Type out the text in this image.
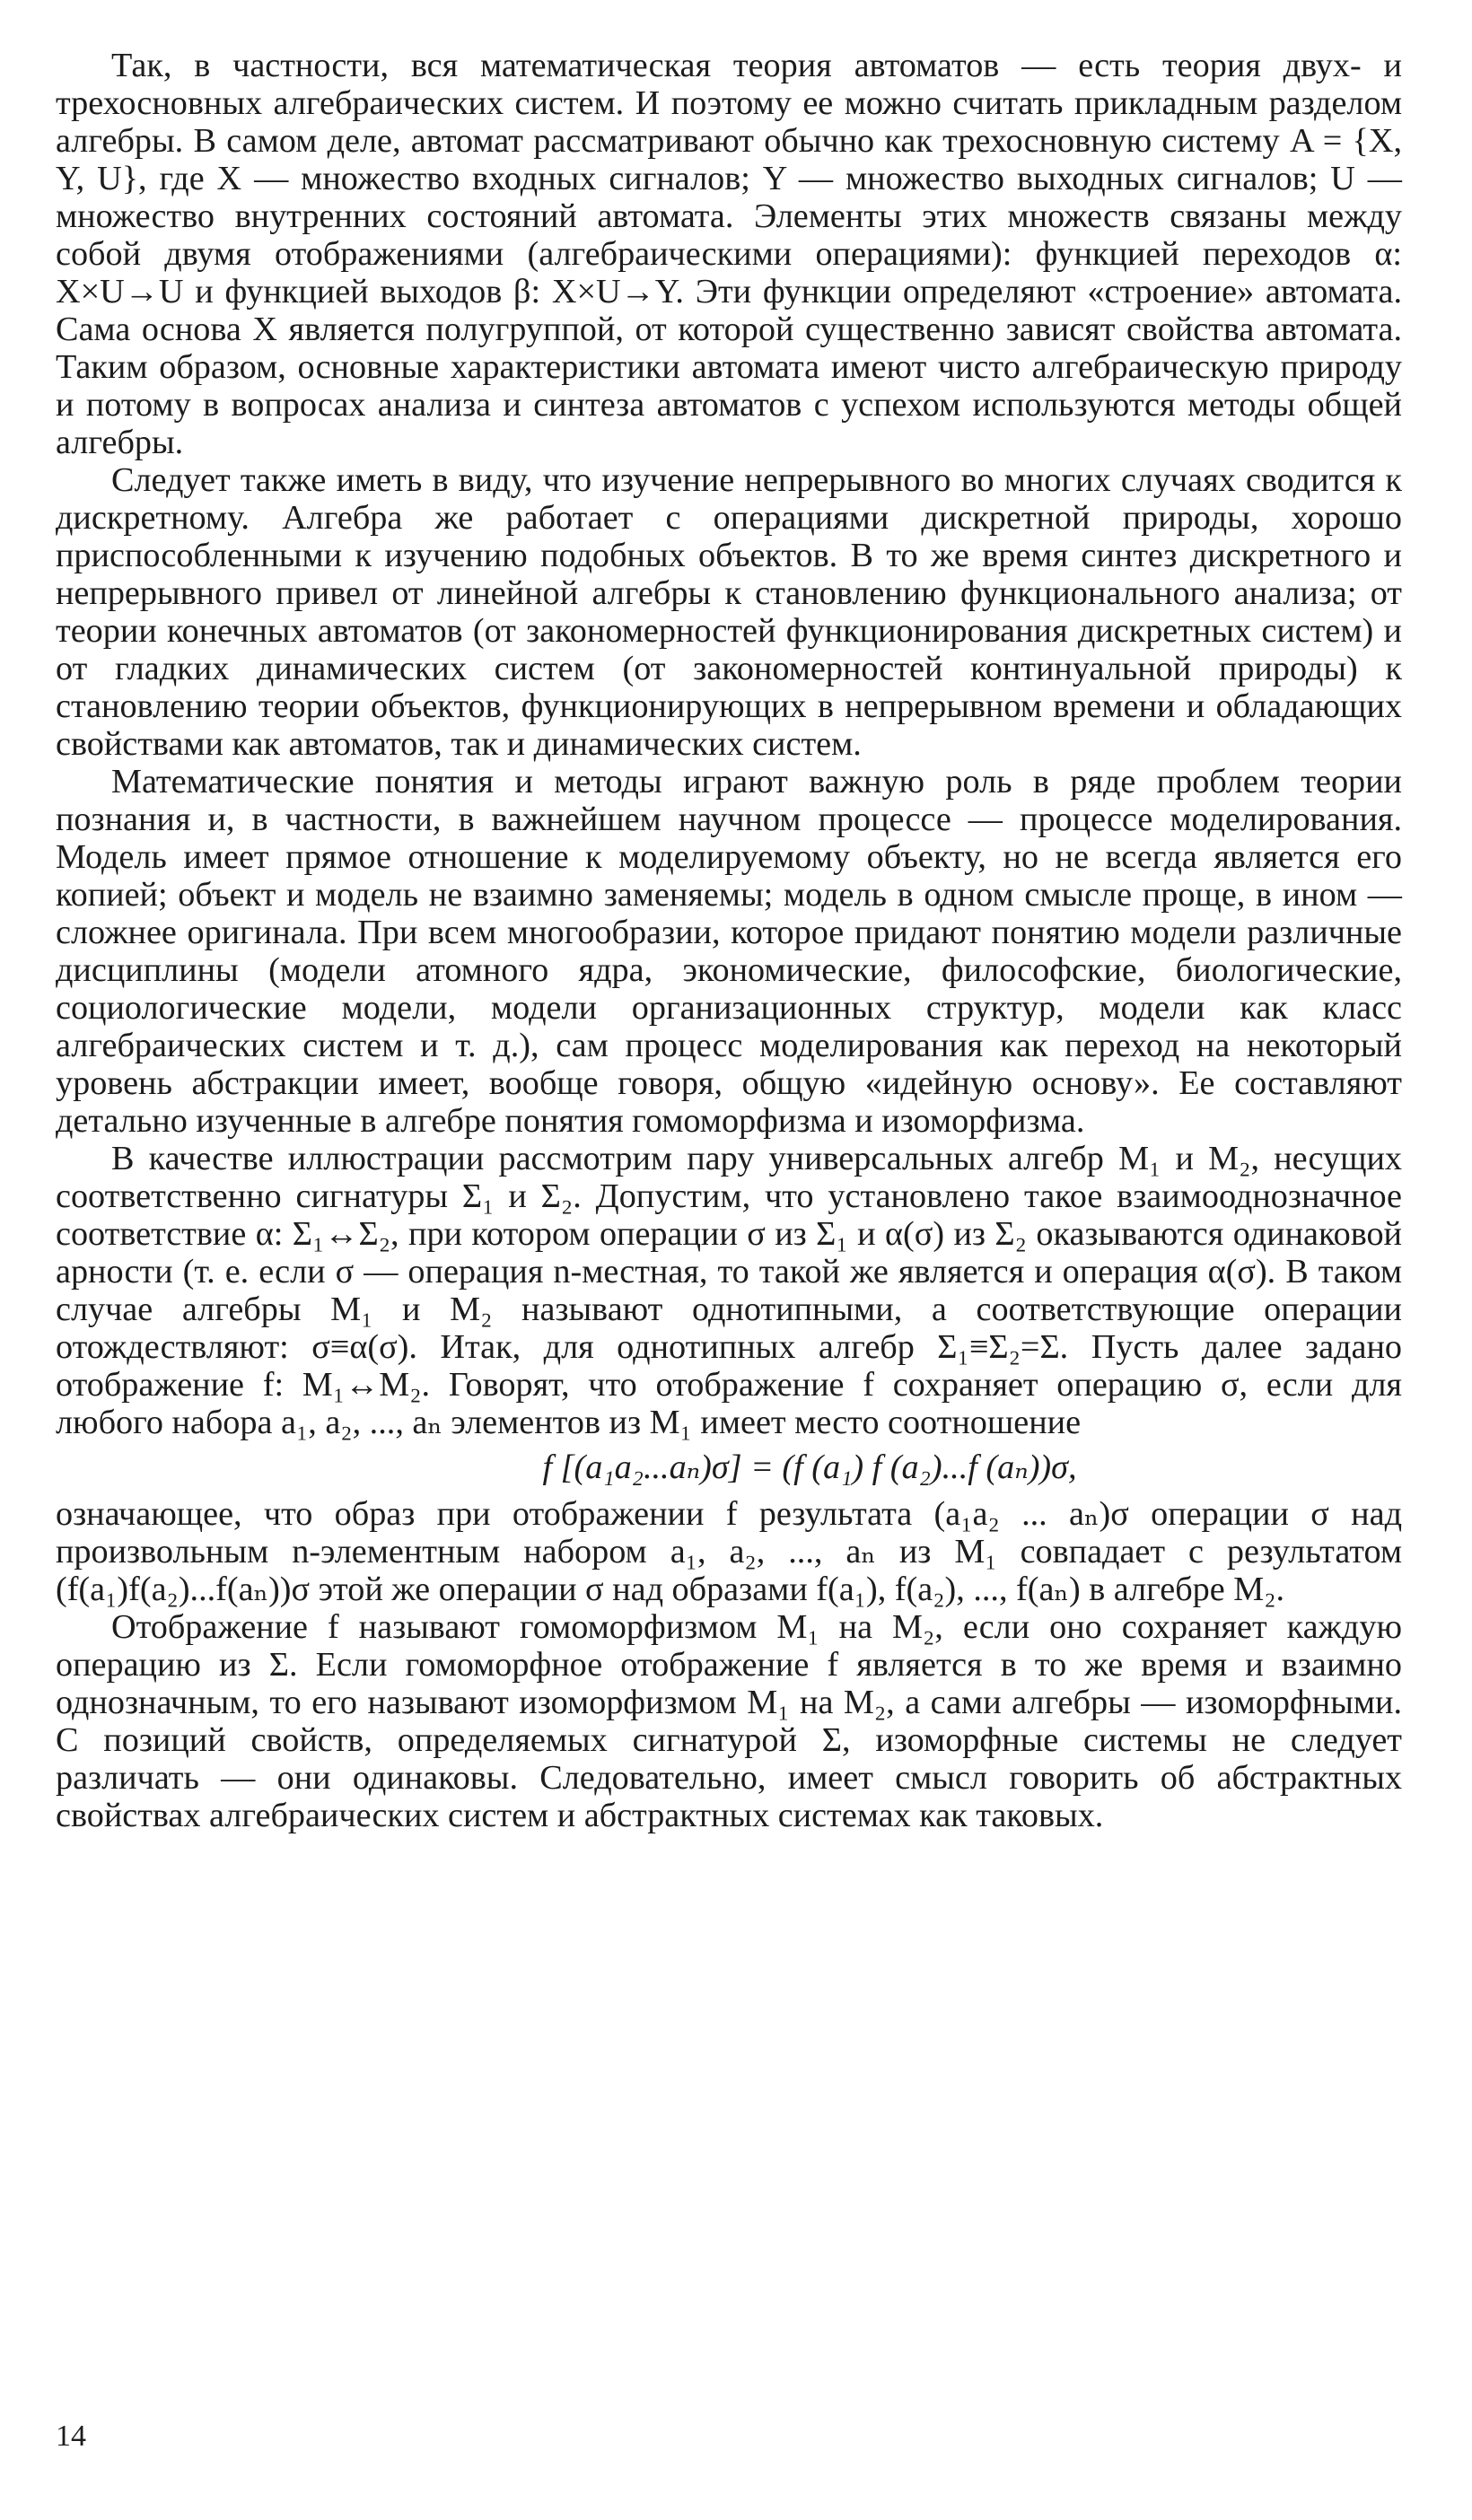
Так, в частности, вся математическая теория автоматов — есть теория двух- и трехосновных алгебраических систем. И поэтому ее можно считать прикладным разделом алгебры. В самом деле, автомат рассматривают обычно как трехосновную систему A = {X, Y, U}, где X — множество входных сигналов; Y — множество выходных сигналов; U — множество внутренних состояний автомата. Элементы этих множеств связаны между собой двумя отображениями (алгебраическими операциями): функцией переходов α: X×U→U и функцией выходов β: X×U→Y. Эти функции определяют «строение» автомата. Сама основа X является полугруппой, от которой существенно зависят свойства автомата. Таким образом, основные характеристики автомата имеют чисто алгебраическую природу и потому в вопросах анализа и синтеза автоматов с успехом используются методы общей алгебры.

Следует также иметь в виду, что изучение непрерывного во многих случаях сводится к дискретному. Алгебра же работает с операциями дискретной природы, хорошо приспособленными к изучению подобных объектов. В то же время синтез дискретного и непрерывного привел от линейной алгебры к становлению функционального анализа; от теории конечных автоматов (от закономерностей функционирования дискретных систем) и от гладких динамических систем (от закономерностей континуальной природы) к становлению теории объектов, функционирующих в непрерывном времени и обладающих свойствами как автоматов, так и динамических систем.

Математические понятия и методы играют важную роль в ряде проблем теории познания и, в частности, в важнейшем научном процессе — процессе моделирования. Модель имеет прямое отношение к моделируемому объекту, но не всегда является его копией; объект и модель не взаимно заменяемы; модель в одном смысле проще, в ином — сложнее оригинала. При всем многообразии, которое придают понятию модели различные дисциплины (модели атомного ядра, экономические, философские, биологические, социологические модели, модели организационных структур, модели как класс алгебраических систем и т. д.), сам процесс моделирования как переход на некоторый уровень абстракции имеет, вообще говоря, общую «идейную основу». Ее составляют детально изученные в алгебре понятия гомоморфизма и изоморфизма.

В качестве иллюстрации рассмотрим пару универсальных алгебр M₁ и M₂, несущих соответственно сигнатуры Σ₁ и Σ₂. Допустим, что установлено такое взаимооднозначное соответствие α: Σ₁↔Σ₂, при котором операции σ из Σ₁ и α(σ) из Σ₂ оказываются одинаковой арности (т. е. если σ — операция n-местная, то такой же является и операция α(σ). В таком случае алгебры M₁ и M₂ называют однотипными, а соответствующие операции отождествляют: σ≡α(σ). Итак, для однотипных алгебр Σ₁≡Σ₂=Σ. Пусть далее задано отображение f: M₁↔M₂. Говорят, что отображение f сохраняет операцию σ, если для любого набора a₁, a₂, ..., aₙ элементов из M₁ имеет место соотношение

f [(a₁a₂...aₙ)σ] = (f (a₁) f (a₂)...f (aₙ))σ,

означающее, что образ при отображении f результата (a₁a₂ ... aₙ)σ операции σ над произвольным n-элементным набором a₁, a₂, ..., aₙ из M₁ совпадает с результатом (f(a₁)f(a₂)...f(aₙ))σ этой же операции σ над образами f(a₁), f(a₂), ..., f(aₙ) в алгебре M₂.

Отображение f называют гомоморфизмом M₁ на M₂, если оно сохраняет каждую операцию из Σ. Если гомоморфное отображение f является в то же время и взаимно однозначным, то его называют изоморфизмом M₁ на M₂, а сами алгебры — изоморфными. С позиций свойств, определяемых сигнатурой Σ, изоморфные системы не следует различать — они одинаковы. Следовательно, имеет смысл говорить об абстрактных свойствах алгебраических систем и абстрактных системах как таковых.

14
